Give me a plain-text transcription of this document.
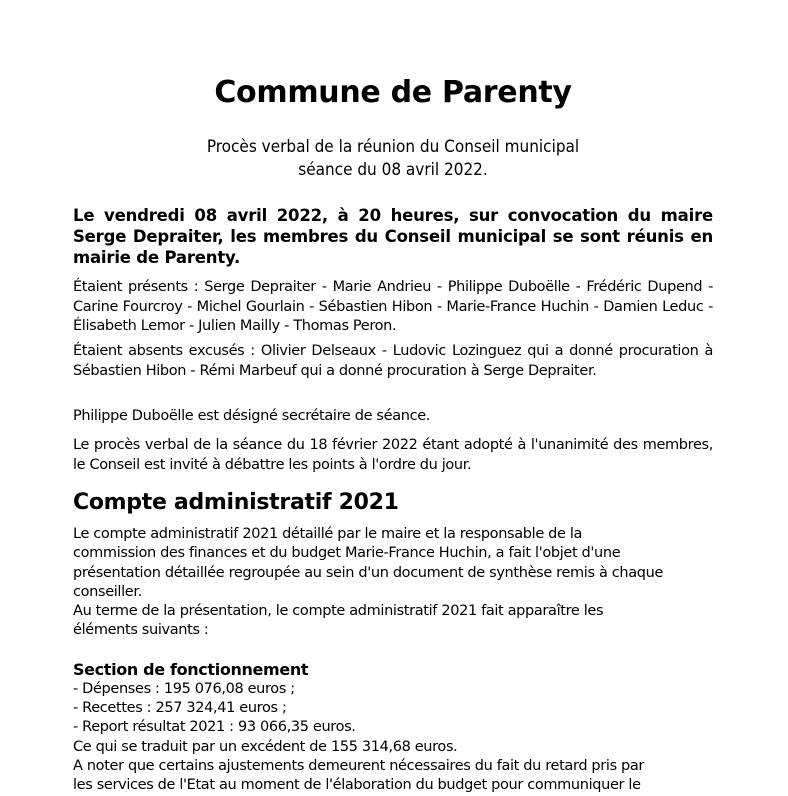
Commune de Parenty
Procès verbal de la réunion du Conseil municipal
séance du 08 avril 2022.
Le vendredi 08 avril 2022, à 20 heures, sur convocation du maire Serge Depraiter, les membres du Conseil municipal se sont réunis en mairie de Parenty.
Étaient présents : Serge Depraiter - Marie Andrieu - Philippe Duboëlle - Frédéric Dupend - Carine Fourcroy - Michel Gourlain - Sébastien Hibon - Marie-France Huchin - Damien Leduc - Élisabeth Lemor - Julien Mailly - Thomas Peron.
Étaient absents excusés : Olivier Delseaux - Ludovic Lozinguez qui a donné procuration à Sébastien Hibon - Rémi Marbeuf qui a donné procuration à Serge Depraiter.
Philippe Duboëlle est désigné secrétaire de séance.
Le procès verbal de la séance du 18 février 2022 étant adopté à l'unanimité des membres, le Conseil est invité à débattre les points à l'ordre du jour.
Compte administratif 2021

Le compte administratif 2021 détaillé par le maire et la responsable de la

commission des finances et du budget Marie-France Huchin, a fait l'objet d'une

présentation détaillée regroupée au sein d'un document de synthèse remis à chaque

conseiller.

Au terme de la présentation, le compte administratif 2021 fait apparaître les

éléments suivants :

Section de fonctionnement

- Dépenses : 195 076,08 euros ;

- Recettes : 257 324,41 euros ;

- Report résultat 2021 : 93 066,35 euros.

Ce qui se traduit par un excédent de 155 314,68 euros.

A noter que certains ajustements demeurent nécessaires du fait du retard pris par

les services de l'Etat au moment de l'élaboration du budget pour communiquer le
